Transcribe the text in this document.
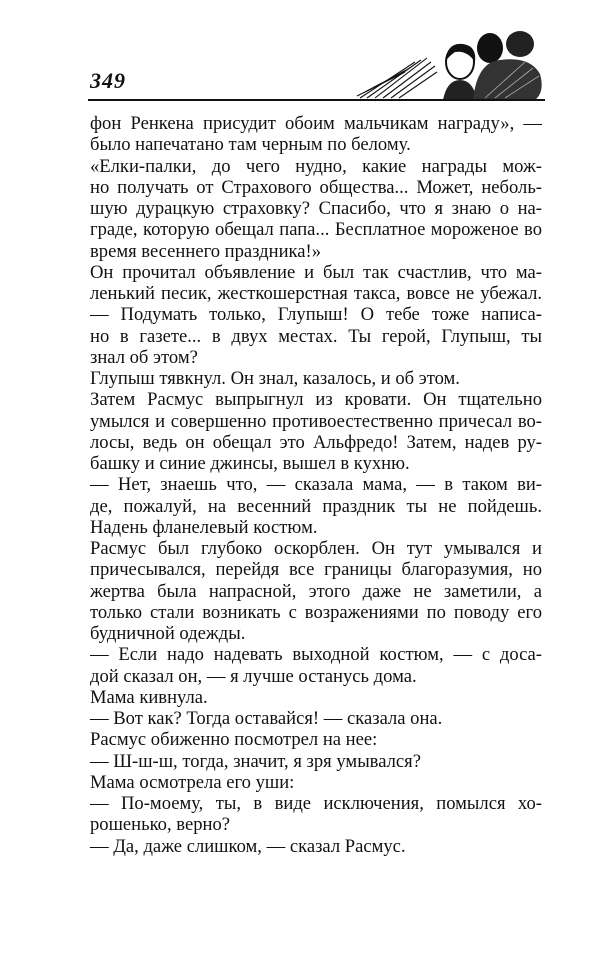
349
фон Ренкена присудит обоим мальчикам награду», —
было напечатано там черным по белому.
«Елки-палки, до чего нудно, какие награды мож-
но получать от Страхового общества... Может, неболь-
шую дурацкую страховку? Спасибо, что я знаю о на-
граде, которую обещал папа... Бесплатное мороженое во
время весеннего праздника!»
Он прочитал объявление и был так счастлив, что ма-
ленький песик, жесткошерстная такса, вовсе не убежал.
— Подумать только, Глупыш! О тебе тоже написа-
но в газете... в двух местах. Ты герой, Глупыш, ты
знал об этом?
Глупыш тявкнул. Он знал, казалось, и об этом.
Затем Расмус выпрыгнул из кровати. Он тщательно
умылся и совершенно противоестественно причесал во-
лосы, ведь он обещал это Альфредо! Затем, надев ру-
башку и синие джинсы, вышел в кухню.
— Нет, знаешь что, — сказала мама, — в таком ви-
де, пожалуй, на весенний праздник ты не пойдешь.
Надень фланелевый костюм.
Расмус был глубоко оскорблен. Он тут умывался и
причесывался, перейдя все границы благоразумия, но
жертва была напрасной, этого даже не заметили, а
только стали возникать с возражениями по поводу его
будничной одежды.
— Если надо надевать выходной костюм, — с доса-
дой сказал он, — я лучше останусь дома.
Мама кивнула.
— Вот как? Тогда оставайся! — сказала она.
Расмус обиженно посмотрел на нее:
— Ш-ш-ш, тогда, значит, я зря умывался?
Мама осмотрела его уши:
— По-моему, ты, в виде исключения, помылся хо-
рошенько, верно?
— Да, даже слишком, — сказал Расмус.
